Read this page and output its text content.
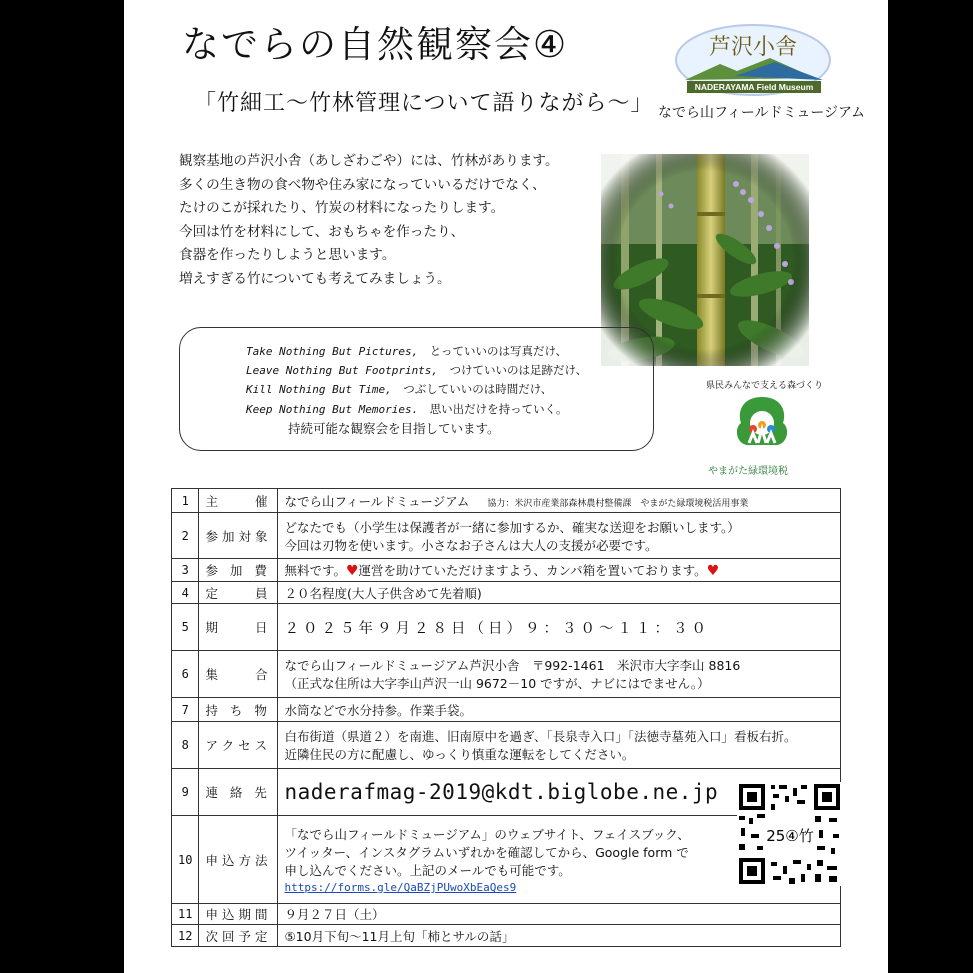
なでらの自然観察会④
「竹細工～竹林管理について語りながら～」
芦沢小舎
NADERAYAMA Field Museum
なでら山フィールドミュージアム
観察基地の芦沢小舎（あしざわごや）には、竹林があります。
多くの生き物の食べ物や住み家になっていいるだけでなく、
たけのこが採れたり、竹炭の材料になったりします。
今回は竹を材料にして、おもちゃを作ったり、
食器を作ったりしようと思います。
増えすぎる竹についても考えてみましょう。
Take Nothing But Pictures,　 とっていいのは写真だけ、
Leave Nothing But Footprints,　 つけていいのは足跡だけ、
Kill Nothing But Time,　 つぶしていいのは時間だけ、
Keep Nothing But Memories.　 思い出だけを持っていく。
持続可能な観察会を目指しています。
県民みんなで支える森づくり
やまがた緑環境税
1	主　　催	なでら山フィールドミュージアム 協力：米沢市産業部森林農村整備課　やまがた緑環境税活用事業
2	参加対象	どなたでも（小学生は保護者が一緒に参加するか、確実な送迎をお願いします。）
今回は刃物を使います。小さなお子さんは大人の支援が必要です。

3	参 加 費	無料です。♥運営を助けていただけますよう、カンパ箱を置いております。♥
4	定　　員	２０名程度(大人子供含めて先着順)
5	期　　日	２０２５年９月２８日（日）９：３０～１１：３０
6	集　　合	なでら山フィールドミュージアム芦沢小舎　〒992-1461　米沢市大字李山 8816
（正式な住所は大字李山芦沢一山 9672－10 ですが、ナビにはでません。）

7	持 ち 物	水筒などで水分持参。作業手袋。
8	アクセス	白布街道（県道２）を南進、旧南原中を過ぎ、「長泉寺入口」「法徳寺墓苑入口」看板右折。
近隣住民の方に配慮し、ゆっくり慎重な運転をしてください。

9	連 絡 先	naderafmag-2019@kdt.biglobe.ne.jp
10	申込方法	「なでら山フィールドミュージアム」のウェブサイト、フェイスブック、
ツイッター、インスタグラムいずれかを確認してから、Google form で
申し込んでください。上記のメールでも可能です。
https://forms.gle/QaBZjPUwoXbEaQes9

11	申込期間	９月２７日（土）
12	次回予定	⑤10月下旬～11月上旬「柿とサルの話」
25④竹
